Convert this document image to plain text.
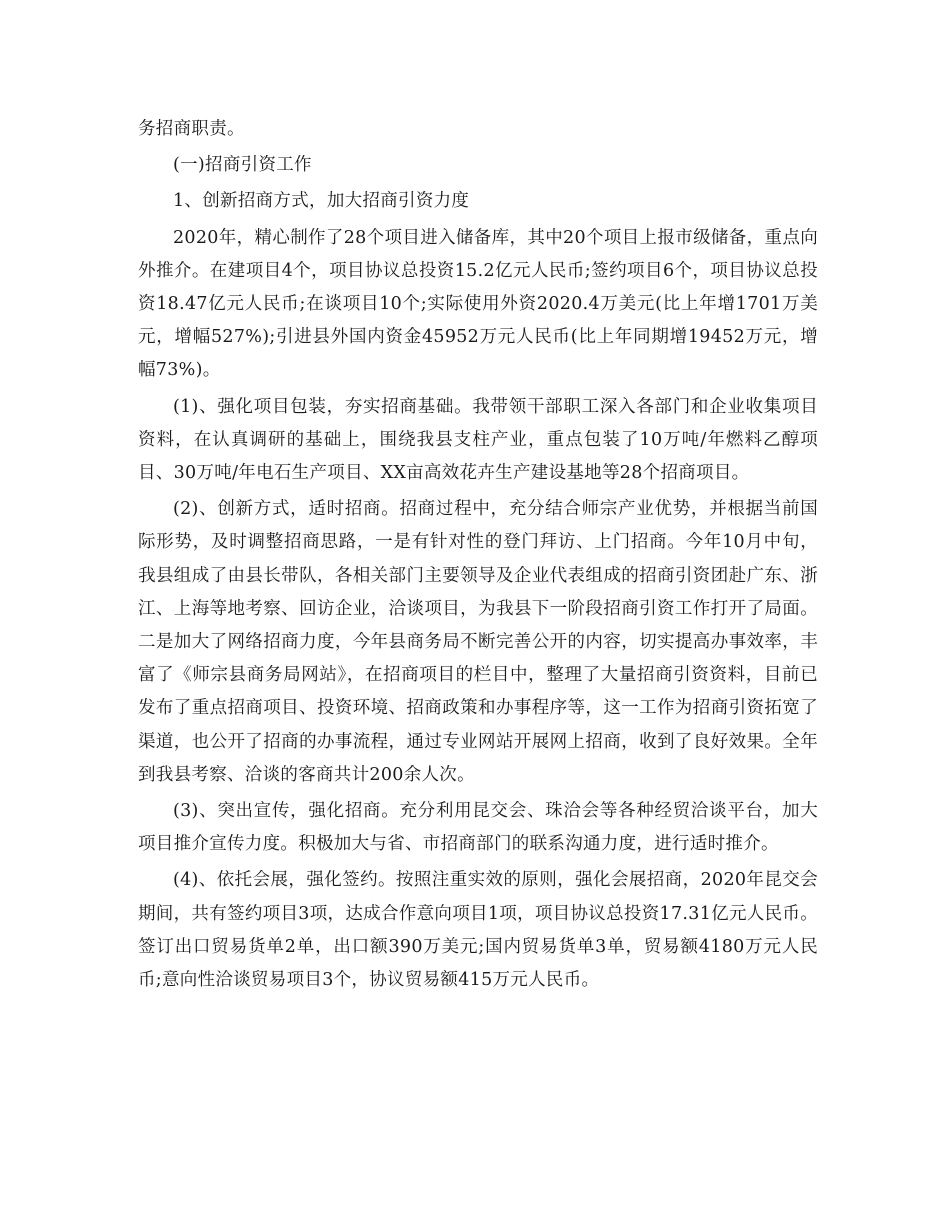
务招商职责。

(一)招商引资工作

1、创新招商方式，加大招商引资力度

2020年，精心制作了28个项目进入储备库，其中20个项目上报市级储备，重点向外推介。在建项目4个，项目协议总投资15.2亿元人民币;签约项目6个，项目协议总投资18.47亿元人民币;在谈项目10个;实际使用外资2020.4万美元(比上年增1701万美元，增幅527%);引进县外国内资金45952万元人民币(比上年同期增19452万元，增幅73%)。

(1)、强化项目包装，夯实招商基础。我带领干部职工深入各部门和企业收集项目资料，在认真调研的基础上，围绕我县支柱产业，重点包装了10万吨/年燃料乙醇项目、30万吨/年电石生产项目、XX亩高效花卉生产建设基地等28个招商项目。

(2)、创新方式，适时招商。招商过程中，充分结合师宗产业优势，并根据当前国际形势，及时调整招商思路，一是有针对性的登门拜访、上门招商。今年10月中旬，我县组成了由县长带队，各相关部门主要领导及企业代表组成的招商引资团赴广东、浙江、上海等地考察、回访企业，洽谈项目，为我县下一阶段招商引资工作打开了局面。二是加大了网络招商力度，今年县商务局不断完善公开的内容，切实提高办事效率，丰富了《师宗县商务局网站》，在招商项目的栏目中，整理了大量招商引资资料，目前已发布了重点招商项目、投资环境、招商政策和办事程序等，这一工作为招商引资拓宽了渠道，也公开了招商的办事流程，通过专业网站开展网上招商，收到了良好效果。全年到我县考察、洽谈的客商共计200余人次。

(3)、突出宣传，强化招商。充分利用昆交会、珠洽会等各种经贸洽谈平台，加大项目推介宣传力度。积极加大与省、市招商部门的联系沟通力度，进行适时推介。

(4)、依托会展，强化签约。按照注重实效的原则，强化会展招商，2020年昆交会期间，共有签约项目3项，达成合作意向项目1项，项目协议总投资17.31亿元人民币。签订出口贸易货单2单，出口额390万美元;国内贸易货单3单，贸易额4180万元人民币;意向性洽谈贸易项目3个，协议贸易额415万元人民币。
